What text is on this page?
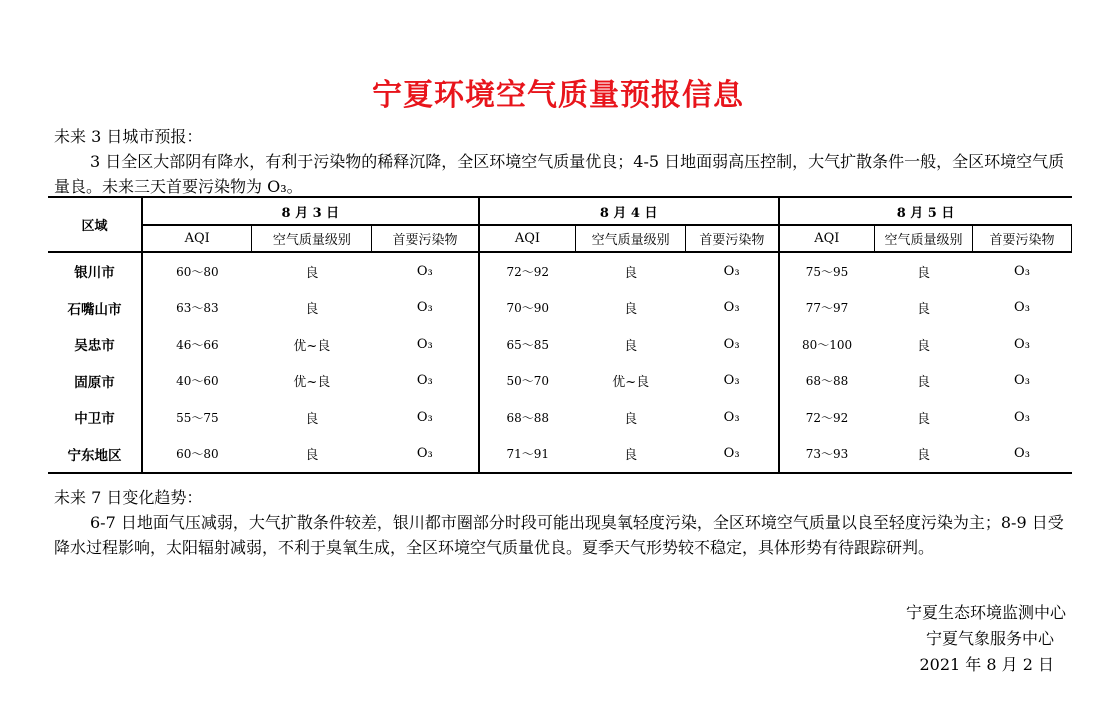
宁夏环境空气质量预报信息
未来 3 日城市预报：
3 日全区大部阴有降水，有利于污染物的稀释沉降，全区环境空气质量优良；4-5 日地面弱高压控制，大气扩散条件一般，全区环境空气质量良。未来三天首要污染物为 O₃。
区域	8 月 3 日			8 月 4 日			8 月 5 日		
	AQI	空气质量级别	首要污染物	AQI	空气质量级别	首要污染物	AQI	空气质量级别	首要污染物
银川市	60～80	良	O₃	72～92	良	O₃	75～95	良	O₃
石嘴山市	63～83	良	O₃	70～90	良	O₃	77～97	良	O₃
吴忠市	46～66	优~良	O₃	65～85	良	O₃	80～100	良	O₃
固原市	40～60	优~良	O₃	50～70	优~良	O₃	68～88	良	O₃
中卫市	55～75	良	O₃	68～88	良	O₃	72～92	良	O₃
宁东地区	60～80	良	O₃	71～91	良	O₃	73～93	良	O₃
未来 7 日变化趋势：
6-7 日地面气压减弱，大气扩散条件较差，银川都市圈部分时段可能出现臭氧轻度污染，全区环境空气质量以良至轻度污染为主；8-9 日受降水过程影响，太阳辐射减弱，不利于臭氧生成，全区环境空气质量优良。夏季天气形势较不稳定，具体形势有待跟踪研判。
宁夏生态环境监测中心
宁夏气象服务中心
2021 年 8 月 2 日
